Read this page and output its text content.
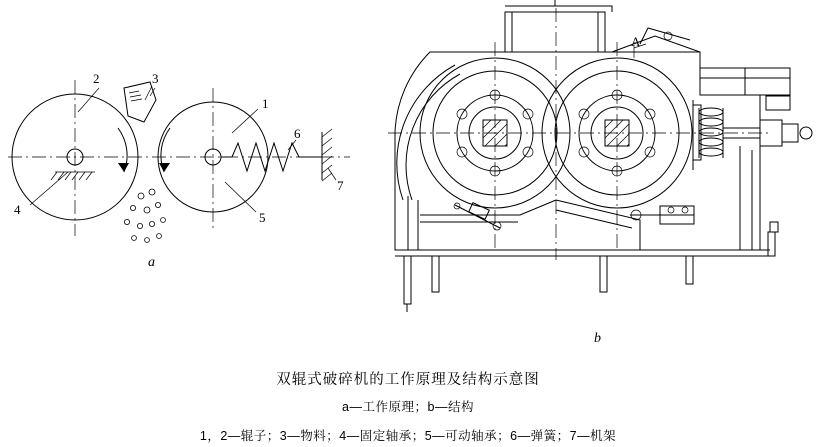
1
2	3
4
5
6
7
A
a
b
双辊式破碎机的工作原理及结构示意图
a—工作原理；b—结构
1，2—辊子；3—物料；4—固定轴承；5—可动轴承；6—弹簧；7—机架
